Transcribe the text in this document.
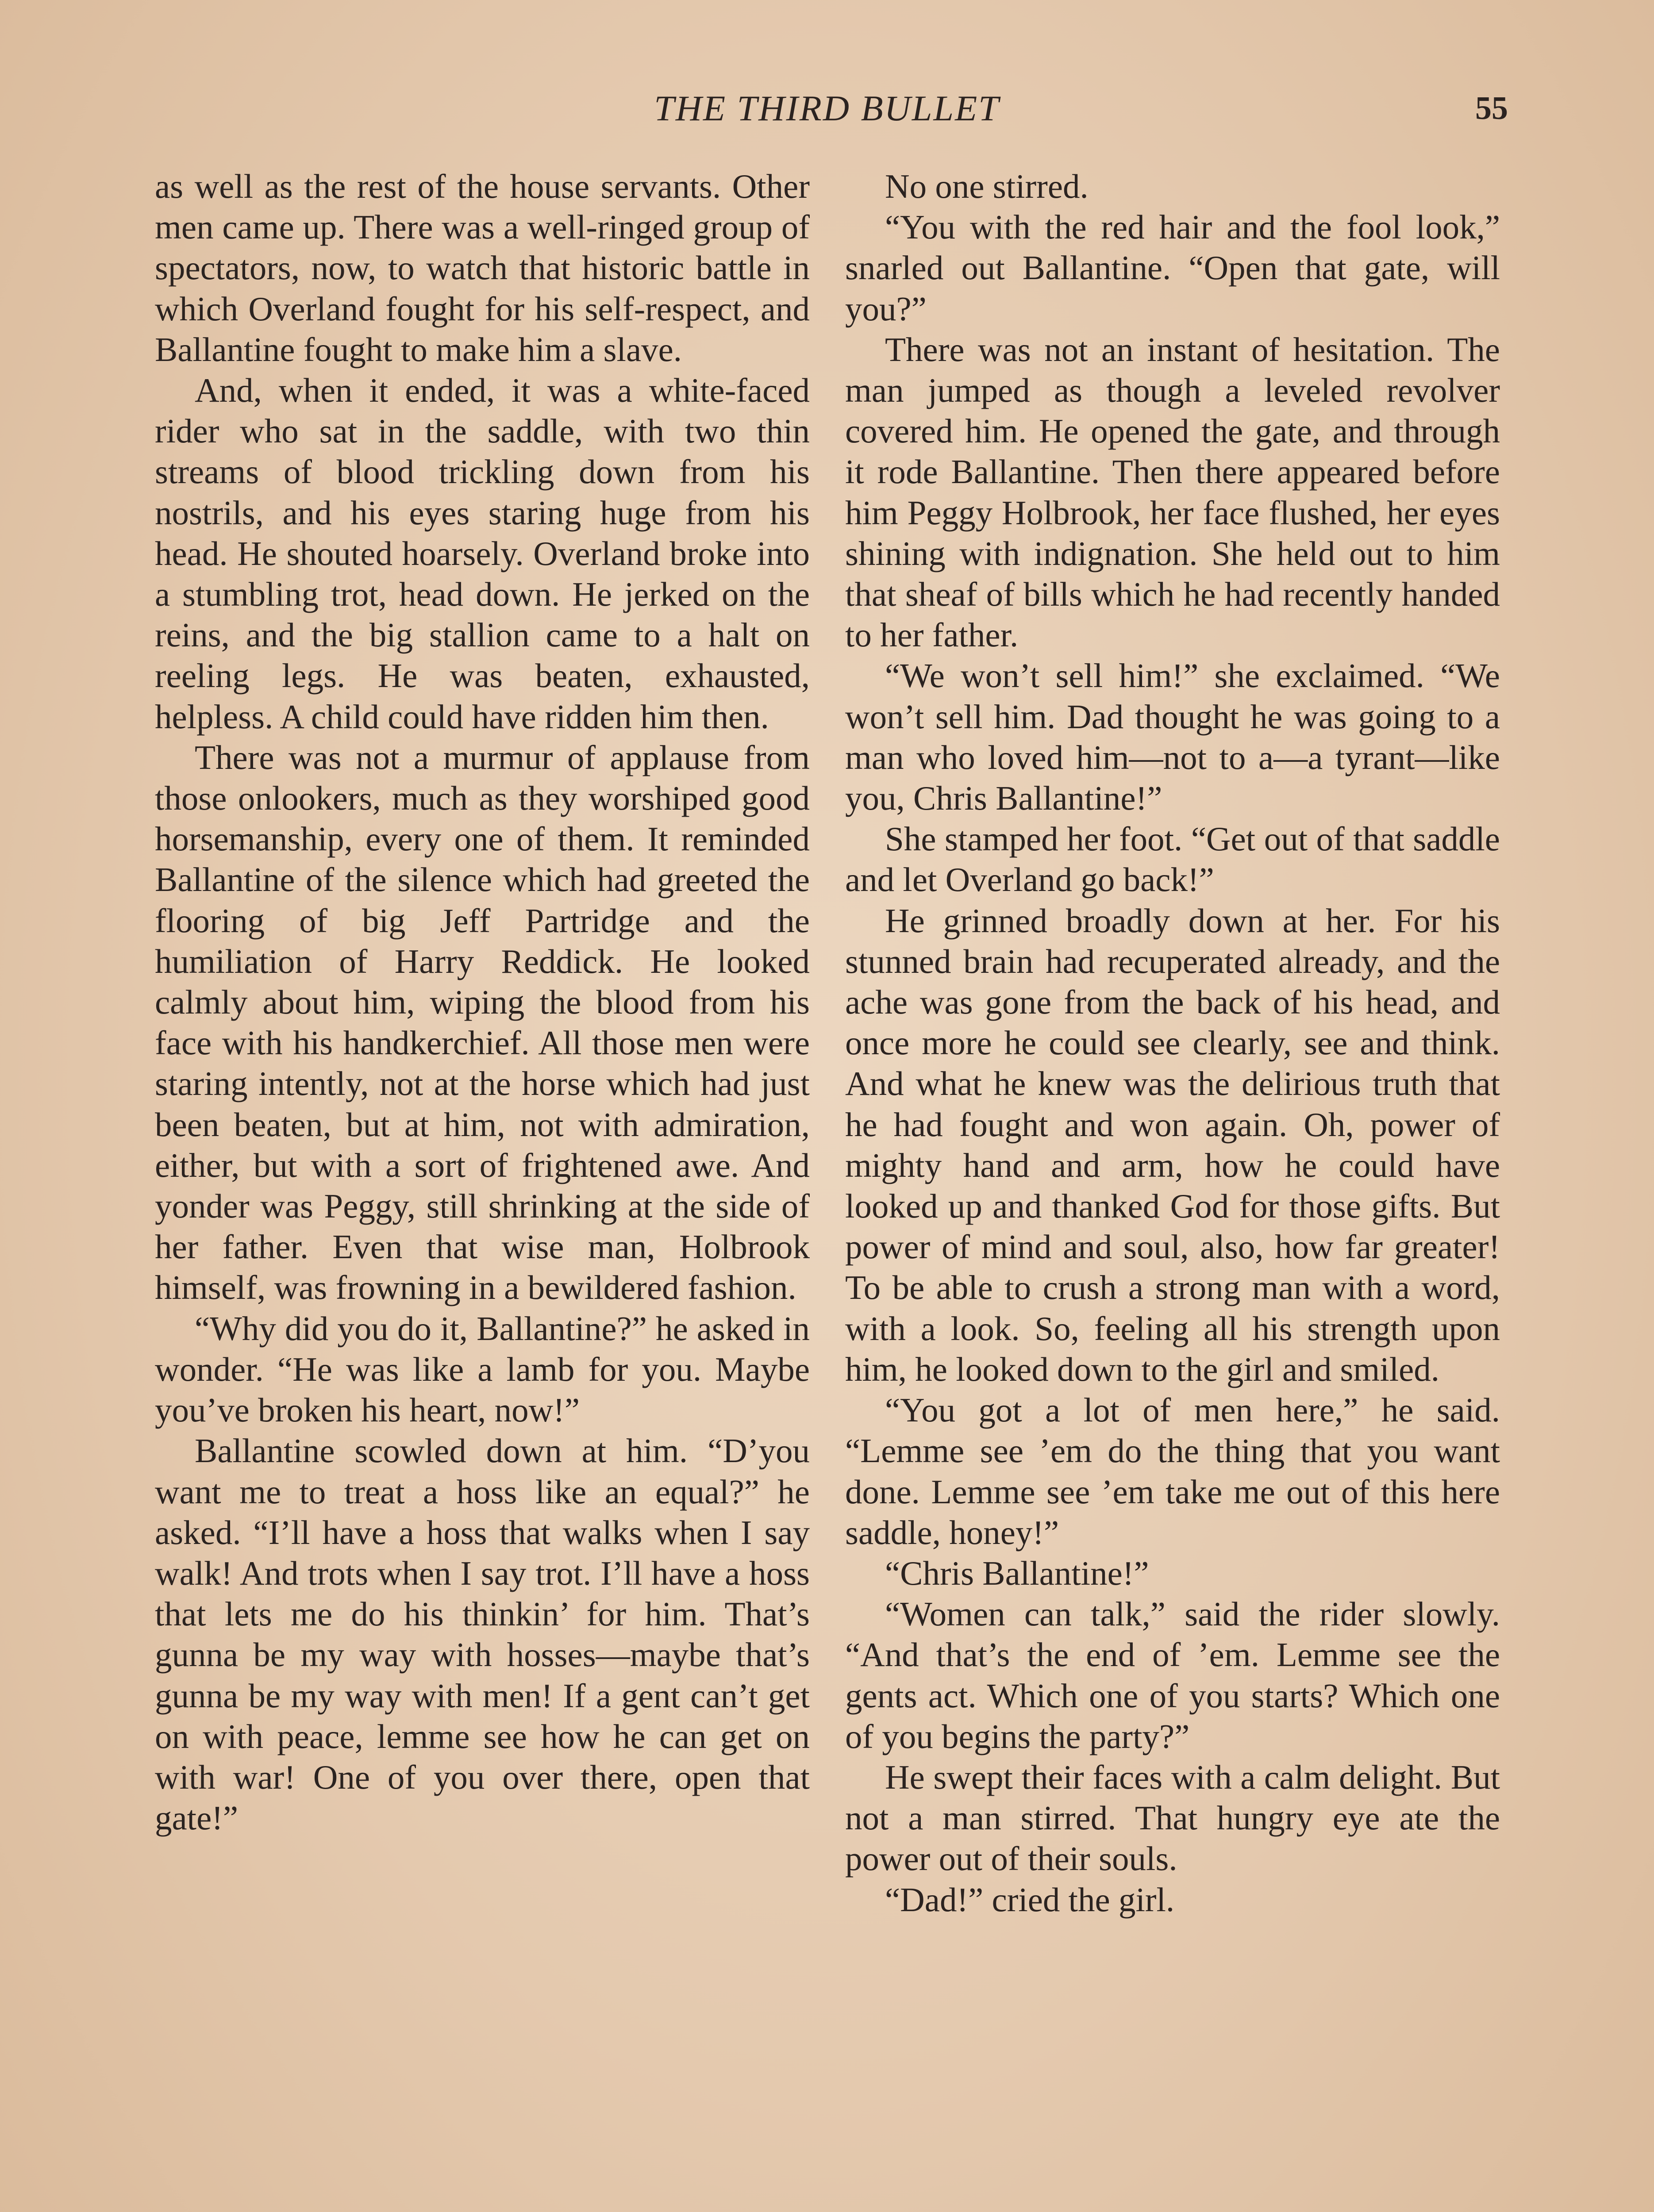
THE THIRD BULLET	55

as well as the rest of the house servants. Other men came up. There was a well-ringed group of spectators, now, to watch that historic battle in which Overland fought for his self-respect, and Ballantine fought to make him a slave.

And, when it ended, it was a white-faced rider who sat in the saddle, with two thin streams of blood trickling down from his nostrils, and his eyes staring huge from his head. He shouted hoarsely. Overland broke into a stumbling trot, head down. He jerked on the reins, and the big stallion came to a halt on reeling legs. He was beaten, exhausted, helpless. A child could have ridden him then.

There was not a murmur of applause from those onlookers, much as they worshiped good horsemanship, every one of them. It reminded Ballantine of the silence which had greeted the flooring of big Jeff Partridge and the humiliation of Harry Reddick. He looked calmly about him, wiping the blood from his face with his handkerchief. All those men were staring intently, not at the horse which had just been beaten, but at him, not with admiration, either, but with a sort of frightened awe. And yonder was Peggy, still shrinking at the side of her father. Even that wise man, Holbrook himself, was frowning in a bewildered fashion.

“Why did you do it, Ballantine?” he asked in wonder. “He was like a lamb for you. Maybe you’ve broken his heart, now!”

Ballantine scowled down at him. “D’you want me to treat a hoss like an equal?” he asked. “I’ll have a hoss that walks when I say walk! And trots when I say trot. I’ll have a hoss that lets me do his thinkin’ for him. That’s gunna be my way with hosses—maybe that’s gunna be my way with men! If a gent can’t get on with peace, lemme see how he can get on with war! One of you over there, open that gate!”

No one stirred.

“You with the red hair and the fool look,” snarled out Ballantine. “Open that gate, will you?”

There was not an instant of hesitation. The man jumped as though a leveled revolver covered him. He opened the gate, and through it rode Ballantine. Then there appeared before him Peggy Holbrook, her face flushed, her eyes shining with indignation. She held out to him that sheaf of bills which he had recently handed to her father.

“We won’t sell him!” she exclaimed. “We won’t sell him. Dad thought he was going to a man who loved him—not to a—a tyrant—like you, Chris Ballantine!”

She stamped her foot. “Get out of that saddle and let Overland go back!”

He grinned broadly down at her. For his stunned brain had recuperated already, and the ache was gone from the back of his head, and once more he could see clearly, see and think. And what he knew was the delirious truth that he had fought and won again. Oh, power of mighty hand and arm, how he could have looked up and thanked God for those gifts. But power of mind and soul, also, how far greater! To be able to crush a strong man with a word, with a look. So, feeling all his strength upon him, he looked down to the girl and smiled.

“You got a lot of men here,” he said. “Lemme see ’em do the thing that you want done. Lemme see ’em take me out of this here saddle, honey!”

“Chris Ballantine!”

“Women can talk,” said the rider slowly. “And that’s the end of ’em. Lemme see the gents act. Which one of you starts? Which one of you begins the party?”

He swept their faces with a calm delight. But not a man stirred. That hungry eye ate the power out of their souls.

“Dad!” cried the girl.
